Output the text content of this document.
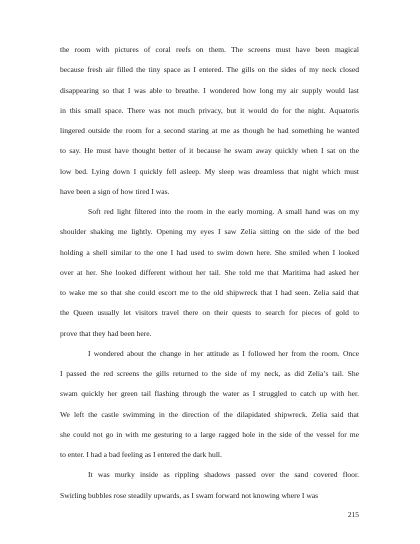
the room with pictures of coral reefs on them. The screens must have been magical
because fresh air filled the tiny space as I entered. The gills on the sides of my neck closed
disappearing so that I was able to breathe. I wondered how long my air supply would last
in this small space. There was not much privacy, but it would do for the night. Aquatoris
lingered outside the room for a second staring at me as though he had something he wanted
to say. He must have thought better of it because he swam away quickly when I sat on the
low bed. Lying down I quickly fell asleep. My sleep was dreamless that night which must
have been a sign of how tired I was.
Soft red light filtered into the room in the early morning. A small hand was on my
shoulder shaking me lightly. Opening my eyes I saw Zelia sitting on the side of the bed
holding a shell similar to the one I had used to swim down here. She smiled when I looked
over at her. She looked different without her tail. She told me that Maritima had asked her
to wake me so that she could escort me to the old shipwreck that I had seen. Zelia said that
the Queen usually let visitors travel there on their quests to search for pieces of gold to
prove that they had been here.
I wondered about the change in her attitude as I followed her from the room. Once
I passed the red screens the gills returned to the side of my neck, as did Zelia’s tail. She
swam quickly her green tail flashing through the water as I struggled to catch up with her.
We left the castle swimming in the direction of the dilapidated shipwreck. Zelia said that
she could not go in with me gesturing to a large ragged hole in the side of the vessel for me
to enter. I had a bad feeling as I entered the dark hull.
It was murky inside as rippling shadows passed over the sand covered floor.
Swirling bubbles rose steadily upwards, as I swam forward not knowing where I was
215
